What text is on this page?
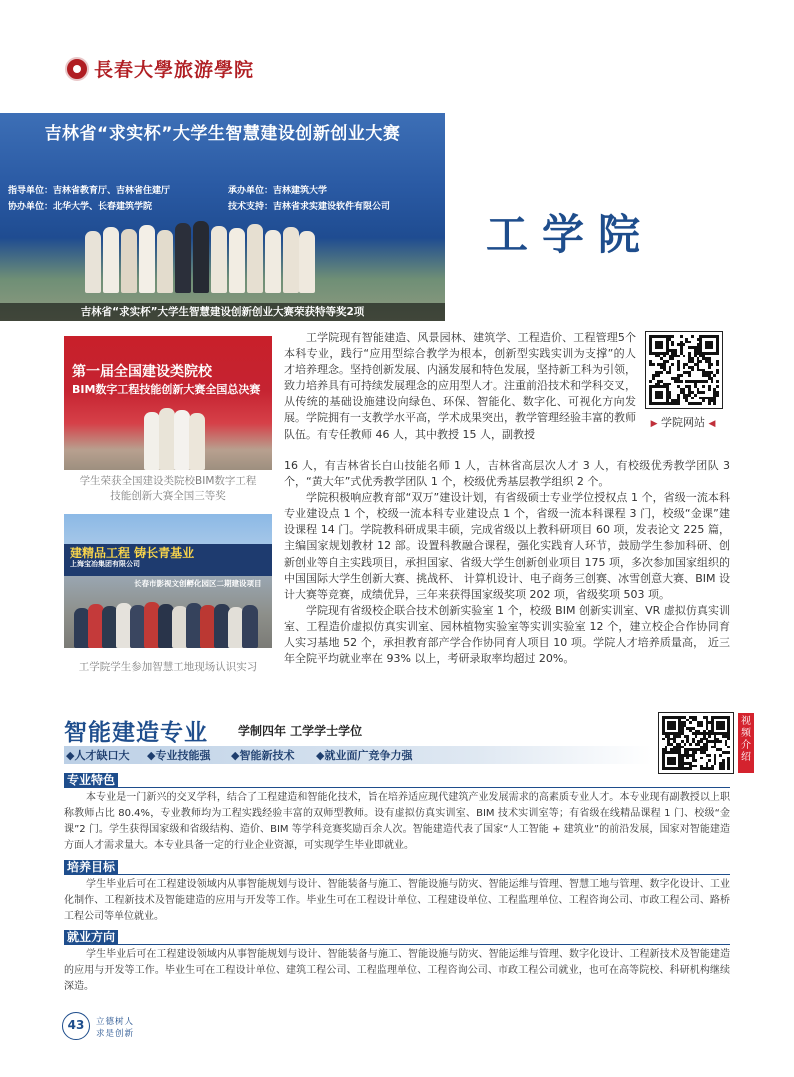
長春大學旅游學院
吉林省“求实杯”大学生智慧建设创新创业大赛
指导单位：吉林省教育厅、吉林省住建厅	承办单位：吉林建筑大学
协办单位：北华大学、长春建筑学院	技术支持：吉林省求实建设软件有限公司
吉林省“求实杯”大学生智慧建设创新创业大赛荣获特等奖2项
工学院
第一届全国建设类院校
BIM数字工程技能创新大赛全国总决赛
学生荣获全国建设类院校BIM数字工程
技能创新大赛全国三等奖
建精品工程 铸长青基业
上海宝冶集团有限公司
长春市影视文创孵化园区二期建设项目
工学院学生参加智慧工地现场认识实习
▶ 学院网站 ◀

工学院现有智能建造、风景园林、建筑学、工程造价、工程管理5个本科专业，践行“应用型综合教学为根本，创新型实践实训为支撑”的人才培养理念。坚持创新发展、内涵发展和特色发展，坚持新工科为引领，致力培养具有可持续发展理念的应用型人才。注重前沿技术和学科交叉，从传统的基础设施建设向绿色、环保、智能化、数字化、可视化方向发展。学院拥有一支教学水平高，学术成果突出，教学管理经验丰富的教师队伍。有专任教师 46 人，其中教授 15 人，副教授

16 人，有吉林省长白山技能名师 1 人，吉林省高层次人才 3 人，有校级优秀教学团队 3 个，“黄大年”式优秀教学团队 1 个，校级优秀基层教学组织 2 个。

学院积极响应教育部“双万”建设计划，有省级硕士专业学位授权点 1 个，省级一流本科专业建设点 1 个，校级一流本科专业建设点 1 个，省级一流本科课程 3 门，校级“金课”建设课程 14 门。学院教科研成果丰硕，完成省级以上教科研项目 60 项，发表论文 225 篇，主编国家规划教材 12 部。设置科教融合课程，强化实践育人环节，鼓励学生参加科研、创新创业等自主实践项目，承担国家、省级大学生创新创业项目 175 项，多次参加国家组织的中国国际大学生创新大赛、挑战杯、 计算机设计、电子商务三创赛、冰雪创意大赛、BIM 设计大赛等竞赛，成绩优异，三年来获得国家级奖项 202 项，省级奖项 503 项。

学院现有省级校企联合技术创新实验室 1 个，校级 BIM 创新实训室、VR 虚拟仿真实训室、工程造价虚拟仿真实训室、园林植物实验室等实训实验室 12 个，建立校企合作协同育人实习基地 52 个，承担教育部产学合作协同育人项目 10 项。学院人才培养质量高， 近三年全院平均就业率在 93% 以上，考研录取率均超过 20%。

智能建造专业	学制四年 工学学士学位
◆人才缺口大 ◆专业技能强 ◆智能新技术 ◆就业面广竞争力强
视频介绍
专业特色

本专业是一门新兴的交叉学科，结合了工程建造和智能化技术，旨在培养适应现代建筑产业发展需求的高素质专业人才。本专业现有副教授以上职称教师占比 80.4%，专业教师均为工程实践经验丰富的双师型教师。设有虚拟仿真实训室、BIM 技术实训室等；有省级在线精品课程 1 门、校级“金课”2 门。学生获得国家级和省级结构、造价、BIM 等学科竞赛奖励百余人次。智能建造代表了国家“人工智能 + 建筑业”的前沿发展，国家对智能建造方面人才需求量大。本专业具备一定的行业企业资源，可实现学生毕业即就业。

培养目标

学生毕业后可在工程建设领域内从事智能规划与设计、智能装备与施工、智能设施与防灾、智能运维与管理、智慧工地与管理、数字化设计、工业化制作、工程新技术及智能建造的应用与开发等工作。毕业生可在工程设计单位、工程建设单位、工程监理单位、工程咨询公司、市政工程公司、路桥工程公司等单位就业。

就业方向

学生毕业后可在工程建设领域内从事智能规划与设计、智能装备与施工、智能设施与防灾、智能运维与管理、数字化设计、工程新技术及智能建造的应用与开发等工作。毕业生可在工程设计单位、建筑工程公司、工程监理单位、工程咨询公司、市政工程公司就业，也可在高等院校、科研机构继续深造。

43	立德树人
求是创新
